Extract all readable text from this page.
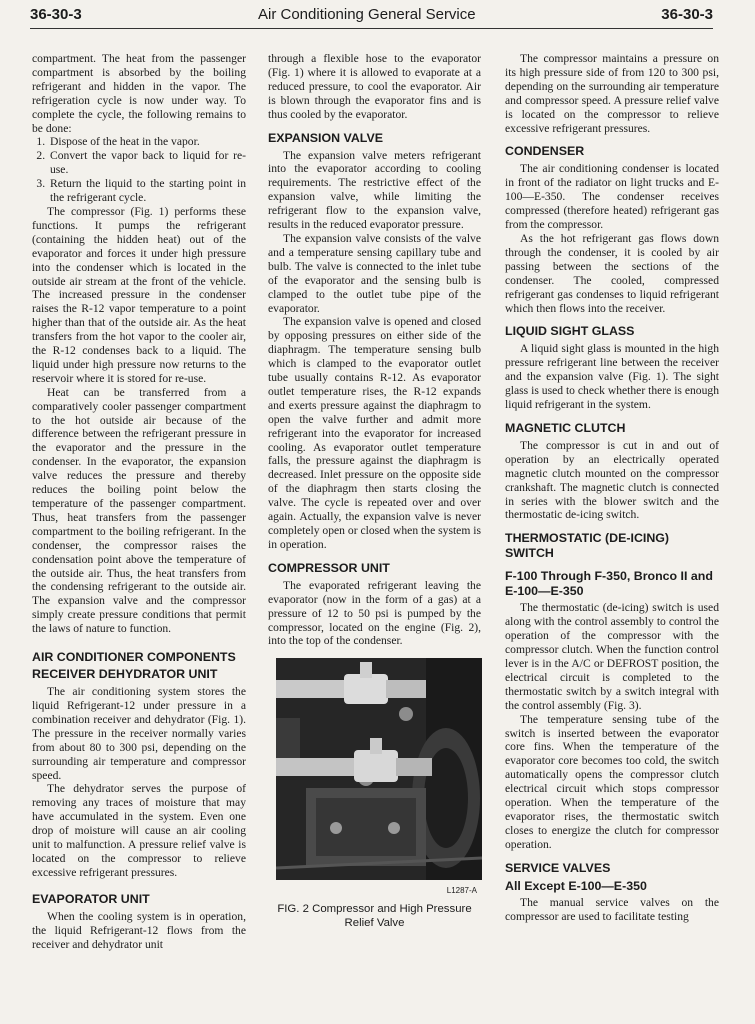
36-30-3	Air Conditioning General Service	36-30-3

compartment. The heat from the passenger compartment is absorbed by the boiling refrigerant and hidden in the vapor. The refrigeration cycle is now under way. To complete the cycle, the following remains to be done:

1. Dispose of the heat in the vapor.
2. Convert the vapor back to liquid for re-use.
3. Return the liquid to the starting point in the refrigerant cycle.

The compressor (Fig. 1) performs these functions. It pumps the refrigerant (containing the hidden heat) out of the evaporator and forces it under high pressure into the condenser which is located in the outside air stream at the front of the vehicle. The increased pressure in the condenser raises the R-12 vapor temperature to a point higher than that of the outside air. As the heat transfers from the hot vapor to the cooler air, the R-12 condenses back to a liquid. The liquid under high pressure now returns to the reservoir where it is stored for re-use.

Heat can be transferred from a comparatively cooler passenger compartment to the hot outside air because of the difference between the refrigerant pressure in the evaporator and the pressure in the condenser. In the evaporator, the expansion valve reduces the pressure and thereby reduces the boiling point below the temperature of the passenger compartment. Thus, heat transfers from the passenger compartment to the boiling refrigerant. In the condenser, the compressor raises the condensation point above the temperature of the outside air. Thus, the heat transfers from the condensing refrigerant to the outside air. The expansion valve and the compressor simply create pressure conditions that permit the laws of nature to function.

AIR CONDITIONER COMPONENTS
RECEIVER DEHYDRATOR UNIT

The air conditioning system stores the liquid Refrigerant-12 under pressure in a combination receiver and dehydrator (Fig. 1). The pressure in the receiver normally varies from about 80 to 300 psi, depending on the surrounding air temperature and compressor speed.

The dehydrator serves the purpose of removing any traces of moisture that may have accumulated in the system. Even one drop of moisture will cause an air cooling unit to malfunction. A pressure relief valve is located on the compressor to relieve excessive refrigerant pressures.

EVAPORATOR UNIT

When the cooling system is in operation, the liquid Refrigerant-12 flows from the receiver and dehydrator unit

through a flexible hose to the evaporator (Fig. 1) where it is allowed to evaporate at a reduced pressure, to cool the evaporator. Air is blown through the evaporator fins and is thus cooled by the evaporator.

EXPANSION VALVE

The expansion valve meters refrigerant into the evaporator according to cooling requirements. The restrictive effect of the expansion valve, while limiting the refrigerant flow to the expansion valve, results in the reduced evaporator pressure.

The expansion valve consists of the valve and a temperature sensing capillary tube and bulb. The valve is connected to the inlet tube of the evaporator and the sensing bulb is clamped to the outlet tube pipe of the evaporator.

The expansion valve is opened and closed by opposing pressures on either side of the diaphragm. The temperature sensing bulb which is clamped to the evaporator outlet tube usually contains R-12. As evaporator outlet temperature rises, the R-12 expands and exerts pressure against the diaphragm to open the valve further and admit more refrigerant into the evaporator for increased cooling. As evaporator outlet temperature falls, the pressure against the diaphragm is decreased. Inlet pressure on the opposite side of the diaphragm then starts closing the valve. The cycle is repeated over and over again. Actually, the expansion valve is never completely open or closed when the system is in operation.

COMPRESSOR UNIT

The evaporated refrigerant leaving the evaporator (now in the form of a gas) at a pressure of 12 to 50 psi is pumped by the compressor, located on the engine (Fig. 2), into the top of the condenser.

L1287-A
FIG. 2 Compressor and High Pressure Relief Valve

The compressor maintains a pressure on its high pressure side of from 120 to 300 psi, depending on the surrounding air temperature and compressor speed. A pressure relief valve is located on the compressor to relieve excessive refrigerant pressures.

CONDENSER

The air conditioning condenser is located in front of the radiator on light trucks and E-100—E-350. The condenser receives compressed (therefore heated) refrigerant gas from the compressor.

As the hot refrigerant gas flows down through the condenser, it is cooled by air passing between the sections of the condenser. The cooled, compressed refrigerant gas condenses to liquid refrigerant which then flows into the receiver.

LIQUID SIGHT GLASS

A liquid sight glass is mounted in the high pressure refrigerant line between the receiver and the expansion valve (Fig. 1). The sight glass is used to check whether there is enough liquid refrigerant in the system.

MAGNETIC CLUTCH

The compressor is cut in and out of operation by an electrically operated magnetic clutch mounted on the compressor crankshaft. The magnetic clutch is connected in series with the blower switch and the thermostatic de-icing switch.

THERMOSTATIC (DE-ICING) SWITCH
F-100 Through F-350, Bronco II and E-100—E-350

The thermostatic (de-icing) switch is used along with the control assembly to control the operation of the compressor with the compressor clutch. When the function control lever is in the A/C or DEFROST position, the electrical circuit is completed to the thermostatic switch by a switch integral with the control assembly (Fig. 3).

The temperature sensing tube of the switch is inserted between the evaporator core fins. When the temperature of the evaporator core becomes too cold, the switch automatically opens the compressor clutch electrical circuit which stops compressor operation. When the temperature of the evaporator rises, the thermostatic switch closes to energize the clutch for compressor operation.

SERVICE VALVES
All Except E-100—E-350

The manual service valves on the compressor are used to facilitate testing
